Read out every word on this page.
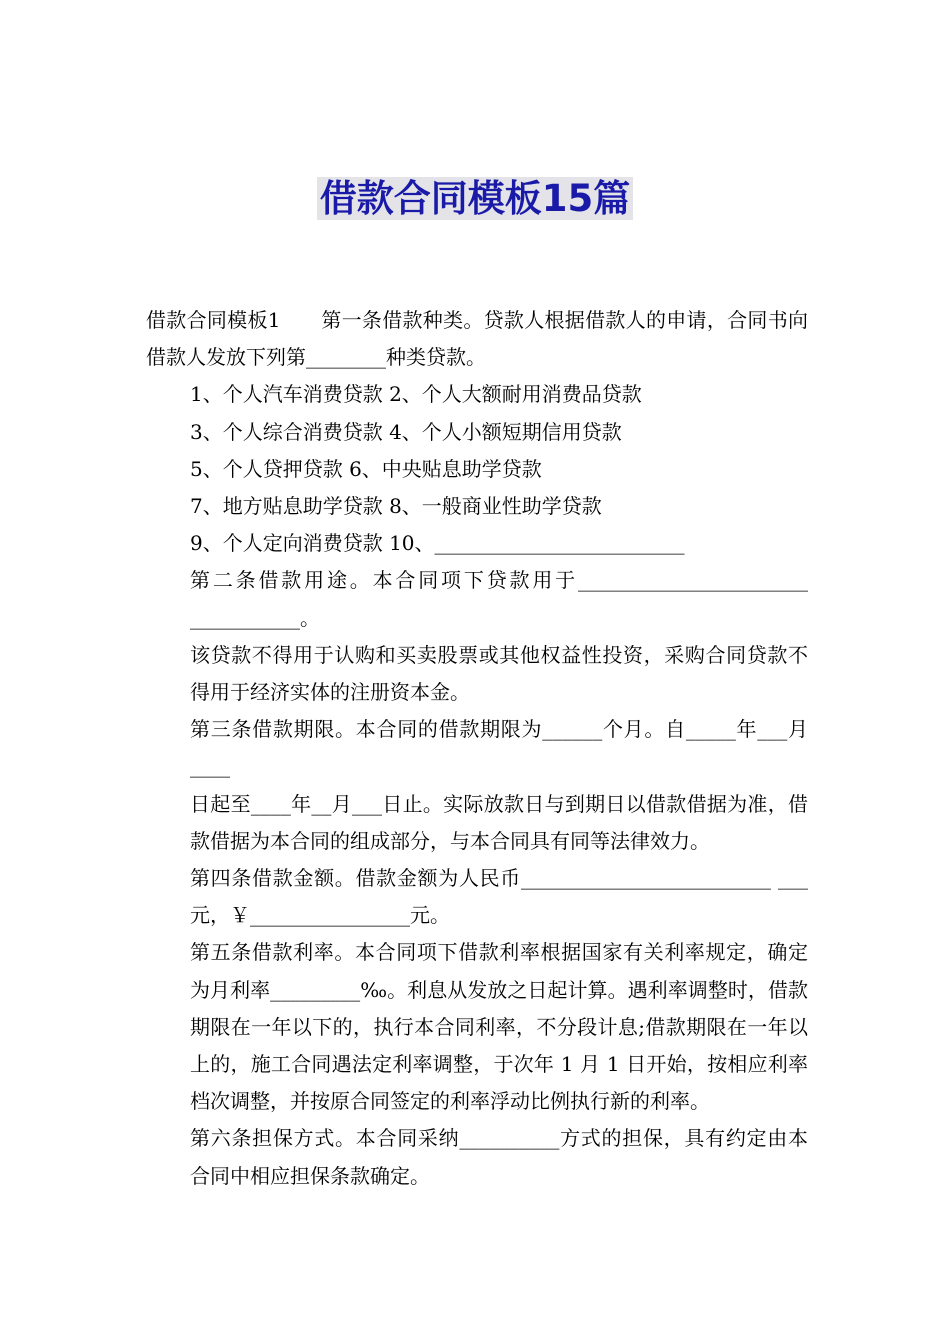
借款合同模板15篇

借款合同模板1　　第一条借款种类。贷款人根据借款人的申请，合同书向借款人发放下列第________种类贷款。

1、个人汽车消费贷款 2、个人大额耐用消费品贷款

3、个人综合消费贷款 4、个人小额短期信用贷款

5、个人贷押贷款 6、中央贴息助学贷款

7、地方贴息助学贷款 8、一般商业性助学贷款

9、个人定向消费贷款 10、_________________________

第二条借款用途。本合同项下贷款用于_______________________ ___________。

该贷款不得用于认购和买卖股票或其他权益性投资，采购合同贷款不得用于经济实体的注册资本金。

第三条借款期限。本合同的借款期限为______个月。自_____年___月____

日起至____年__月___日止。实际放款日与到期日以借款借据为准，借款借据为本合同的组成部分，与本合同具有同等法律效力。

第四条借款金额。借款金额为人民币_________________________ ___元，￥________________元。

第五条借款利率。本合同项下借款利率根据国家有关利率规定，确定为月利率_________‰。利息从发放之日起计算。遇利率调整时，借款期限在一年以下的，执行本合同利率，不分段计息;借款期限在一年以上的，施工合同遇法定利率调整，于次年 1 月 1 日开始，按相应利率档次调整，并按原合同签定的利率浮动比例执行新的利率。

第六条担保方式。本合同采纳__________方式的担保，具有约定由本合同中相应担保条款确定。
